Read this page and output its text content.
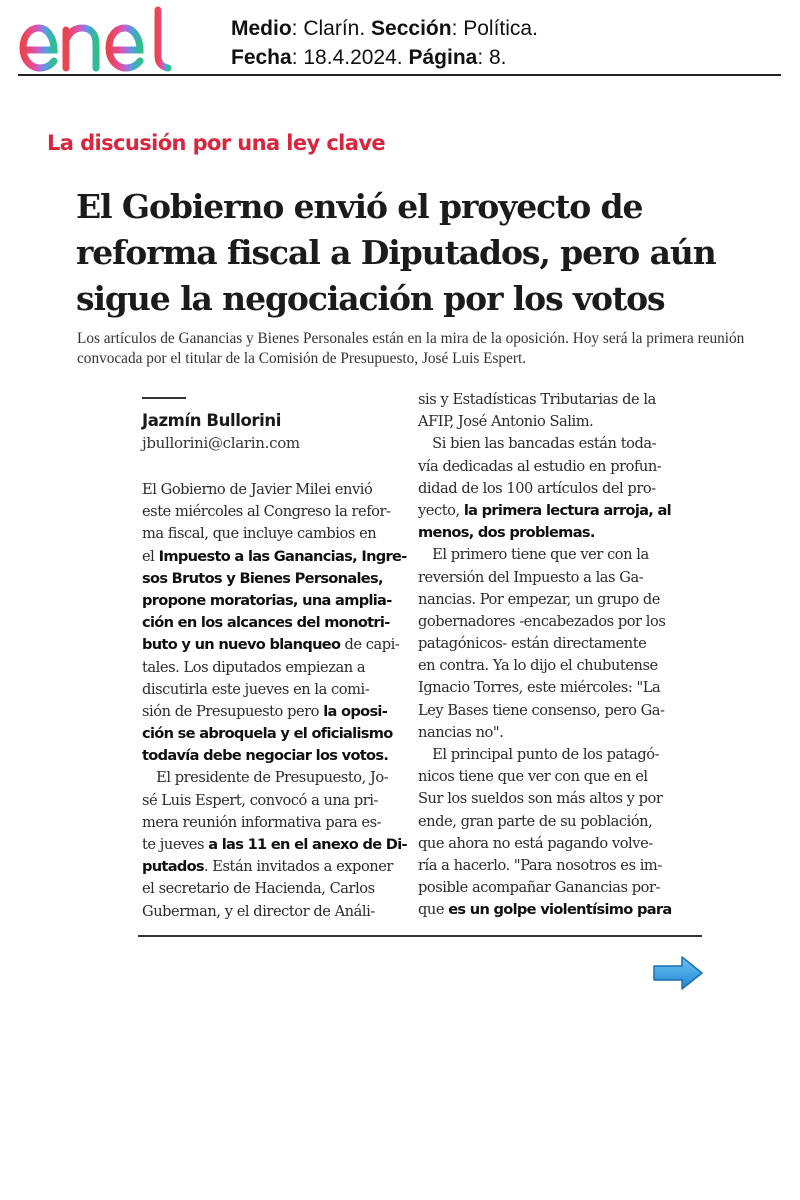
Medio: Clarín. Sección: Política.
Fecha: 18.4.2024. Página: 8.
La discusión por una ley clave
El Gobierno envió el proyecto de reforma fiscal a Diputados, pero aún sigue la negociación por los votos

Los artículos de Ganancias y Bienes Personales están en la mira de la oposición. Hoy será la primera reunión convocada por el titular de la Comisión de Presupuesto, José Luis Espert.

Jazmín Bullorini
jbullorini@clarin.com
El Gobierno de Javier Milei envió
este miércoles al Congreso la refor-
ma fiscal, que incluye cambios en
el Impuesto a las Ganancias, Ingre-
sos Brutos y Bienes Personales,
propone moratorias, una amplia-
ción en los alcances del monotri-
buto y un nuevo blanqueo de capi-
tales. Los diputados empiezan a
discutirla este jueves en la comi-
sión de Presupuesto pero la oposi-
ción se abroquela y el oficialismo
todavía debe negociar los votos.
 El presidente de Presupuesto, Jo-
sé Luis Espert, convocó a una pri-
mera reunión informativa para es-
te jueves a las 11 en el anexo de Di-
putados. Están invitados a exponer
el secretario de Hacienda, Carlos
Guberman, y el director de Análi-
sis y Estadísticas Tributarias de la
AFIP, José Antonio Salim.
 Si bien las bancadas están toda-
vía dedicadas al estudio en profun-
didad de los 100 artículos del pro-
yecto, la primera lectura arroja, al
menos, dos problemas.
 El primero tiene que ver con la
reversión del Impuesto a las Ga-
nancias. Por empezar, un grupo de
gobernadores -encabezados por los
patagónicos- están directamente
en contra. Ya lo dijo el chubutense
Ignacio Torres, este miércoles: "La
Ley Bases tiene consenso, pero Ga-
nancias no".
 El principal punto de los patagó-
nicos tiene que ver con que en el
Sur los sueldos son más altos y por
ende, gran parte de su población,
que ahora no está pagando volve-
ría a hacerlo. "Para nosotros es im-
posible acompañar Ganancias por-
que es un golpe violentísimo para
